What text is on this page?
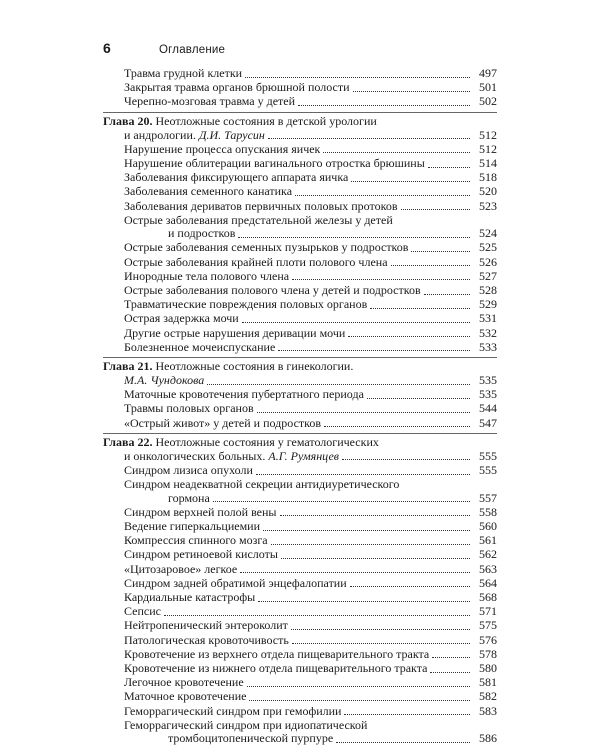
6	Оглавление
Травма грудной клетки	497
Закрытая травма органов брюшной полости	501
Черепно-мозговая травма у детей	502
Глава 20. Неотложные состояния в детской урологии
и андрологии. Д.И. Тарусин	512
Нарушение процесса опускания яичек	512
Нарушение облитерации вагинального отростка брюшины	514
Заболевания фиксирующего аппарата яичка	518
Заболевания семенного канатика	520
Заболевания дериватов первичных половых протоков	523
Острые заболевания предстательной железы у детей
и подростков	524
Острые заболевания семенных пузырьков у подростков	525
Острые заболевания крайней плоти полового члена	526
Инородные тела полового члена	527
Острые заболевания полового члена у детей и подростков	528
Травматические повреждения половых органов	529
Острая задержка мочи	531
Другие острые нарушения деривации мочи	532
Болезненное мочеиспускание	533
Глава 21. Неотложные состояния в гинекологии.
М.А. Чундокова	535
Маточные кровотечения пубертатного периода	535
Травмы половых органов	544
«Острый живот» у детей и подростков	547
Глава 22. Неотложные состояния у гематологических
и онкологических больных. А.Г. Румянцев	555
Синдром лизиса опухоли	555
Синдром неадекватной секреции антидиуретического
гормона	557
Синдром верхней полой вены	558
Ведение гиперкальциемии	560
Компрессия спинного мозга	561
Синдром ретиноевой кислоты	562
«Цитозаровое» легкое	563
Синдром задней обратимой энцефалопатии	564
Кардиальные катастрофы	568
Сепсис	571
Нейтропенический энтероколит	575
Патологическая кровоточивость	576
Кровотечение из верхнего отдела пищеварительного тракта	578
Кровотечение из нижнего отдела пищеварительного тракта	580
Легочное кровотечение	581
Маточное кровотечение	582
Геморрагический синдром при гемофилии	583
Геморрагический синдром при идиопатической
тромбоцитопенической пурпуре	586
